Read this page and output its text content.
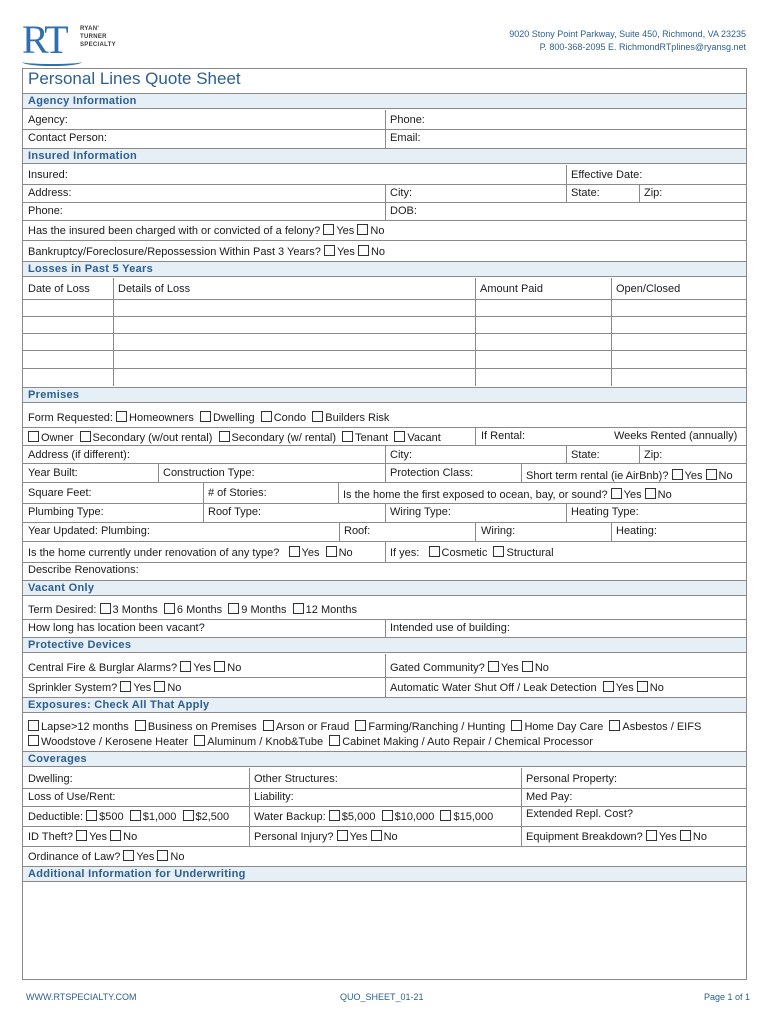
RT RYAN'
TURNER
SPECIALTY
9020 Stony Point Parkway, Suite 450, Richmond, VA 23235
P. 800-368-2095 E. RichmondRTplines@ryansg.net
Personal Lines Quote Sheet
Agency Information
Agency:	Phone:
Contact Person:	Email:
Insured Information
Insured:	Effective Date:
Address:	City:	State:	Zip:
Phone:	DOB:
Has the insured been charged with or convicted of a felony? Yes No
Bankruptcy/Foreclosure/Repossession Within Past 3 Years? Yes No
Losses in Past 5 Years
Date of Loss	Details of Loss	Amount Paid	Open/Closed
Premises
Form Requested: Homeowners Dwelling Condo Builders Risk
Owner Secondary (w/out rental) Secondary (w/ rental) Tenant Vacant	If Rental:	Weeks Rented (annually)
Address (if different):	City:	State:	Zip:
Year Built:	Construction Type:	Protection Class:	Short term rental (ie AirBnb)? Yes No
Square Feet:	# of Stories:	Is the home the first exposed to ocean, bay, or sound? Yes No
Plumbing Type:	Roof Type:	Wiring Type:	Heating Type:
Year Updated: Plumbing:	Roof:	Wiring:	Heating:
Is the home currently under renovation of any type? Yes No	If yes: Cosmetic Structural
Describe Renovations:
Vacant Only
Term Desired: 3 Months 6 Months 9 Months 12 Months
How long has location been vacant?	Intended use of building:
Protective Devices
Central Fire & Burglar Alarms? Yes No	Gated Community? Yes No
Sprinkler System? Yes No	Automatic Water Shut Off / Leak Detection Yes No
Exposures: Check All That Apply
Lapse>12 months Business on Premises Arson or Fraud Farming/Ranching / Hunting Home Day Care Asbestos / EIFS
Woodstove / Kerosene Heater Aluminum / Knob&Tube Cabinet Making / Auto Repair / Chemical Processor
Coverages
Dwelling:	Other Structures:	Personal Property:
Loss of Use/Rent:	Liability:	Med Pay:
Deductible: $500 $1,000 $2,500 Water Backup: $5,000 $10,000 $15,000	Extended Repl. Cost?
ID Theft? Yes No	Personal Injury? Yes No	Equipment Breakdown? Yes No
Ordinance of Law? Yes No
Additional Information for Underwriting
WWW.RTSPECIALTY.COM	QUO_SHEET_01-21	Page 1 of 1
